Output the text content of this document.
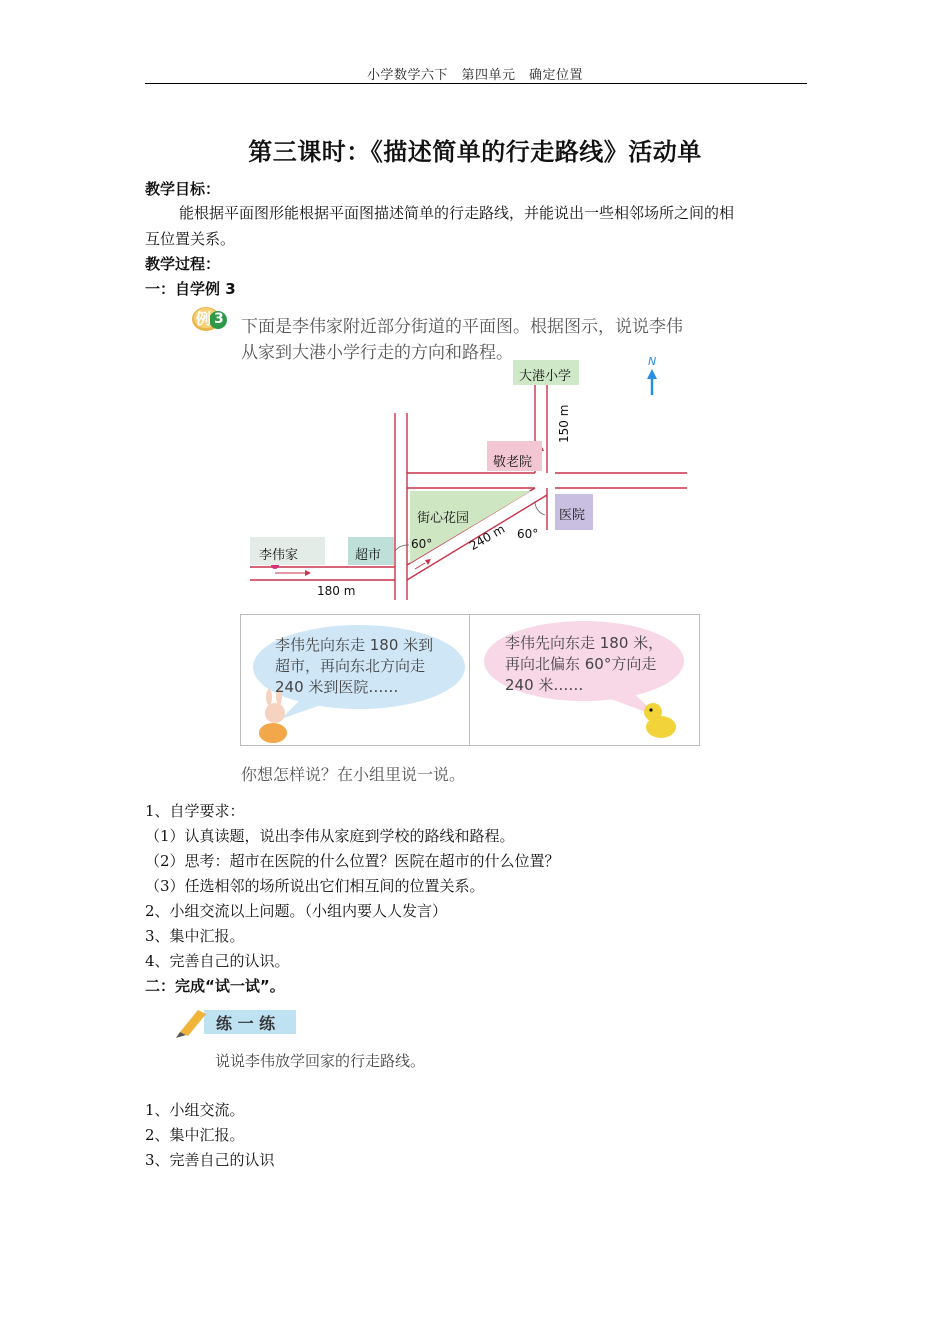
小学数学六下　第四单元　确定位置
第三课时：《描述简单的行走路线》活动单
教学目标：
能根据平面图形能根据平面图描述简单的行走路线，并能说出一些相邻场所之间的相
互位置关系。
教学过程：
一：自学例 3
例 3 下面是李伟家附近部分街道的平面图。根据图示，说说李伟
从家到大港小学行走的方向和路程。
大港小学
敬老院
街心花园	医院
超市
李伟家
N
180 m
240 m
150 m
60°
60°
李伟先向东走 180 米到
超市，再向东北方向走
240 米到医院……
李伟先向东走 180 米，
再向北偏东 60°方向走
240 米……
你想怎样说？在小组里说一说。
1、自学要求：
（1）认真读题，说出李伟从家庭到学校的路线和路程。
（2）思考：超市在医院的什么位置？医院在超市的什么位置？
（3）任选相邻的场所说出它们相互间的位置关系。
2、小组交流以上问题。（小组内要人人发言）
3、集中汇报。
4、完善自己的认识。
二：完成“试一试”。
练 一 练
说说李伟放学回家的行走路线。
1、小组交流。
2、集中汇报。
3、完善自己的认识
